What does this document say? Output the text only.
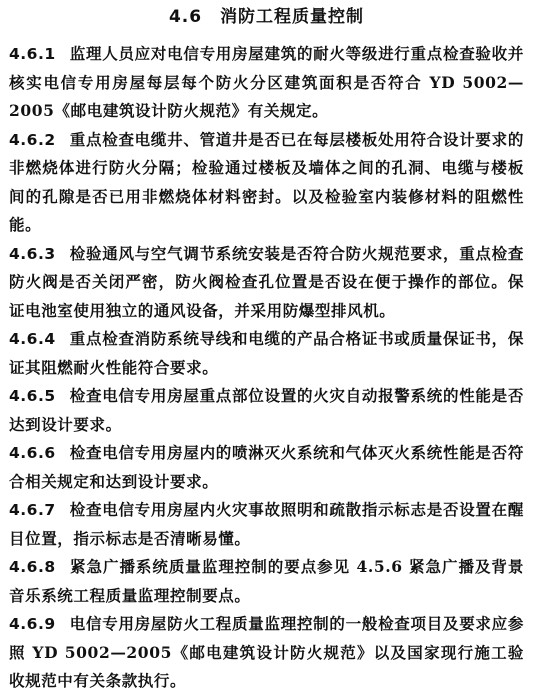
4.6 消防工程质量控制

4.6.1 监理人员应对电信专用房屋建筑的耐火等级进行重点检查验收并核实电信专用房屋每层每个防火分区建筑面积是否符合 YD 5002—2005《邮电建筑设计防火规范》有关规定。

4.6.2 重点检查电缆井、管道井是否已在每层楼板处用符合设计要求的非燃烧体进行防火分隔；检验通过楼板及墙体之间的孔洞、电缆与楼板间的孔隙是否已用非燃烧体材料密封。以及检验室内装修材料的阻燃性能。

4.6.3 检验通风与空气调节系统安装是否符合防火规范要求，重点检查防火阀是否关闭严密，防火阀检查孔位置是否设在便于操作的部位。保证电池室使用独立的通风设备，并采用防爆型排风机。

4.6.4 重点检查消防系统导线和电缆的产品合格证书或质量保证书，保证其阻燃耐火性能符合要求。

4.6.5 检查电信专用房屋重点部位设置的火灾自动报警系统的性能是否达到设计要求。

4.6.6 检查电信专用房屋内的喷淋灭火系统和气体灭火系统性能是否符合相关规定和达到设计要求。

4.6.7 检查电信专用房屋内火灾事故照明和疏散指示标志是否设置在醒目位置，指示标志是否清晰易懂。

4.6.8 紧急广播系统质量监理控制的要点参见 4.5.6 紧急广播及背景音乐系统工程质量监理控制要点。

4.6.9 电信专用房屋防火工程质量监理控制的一般检查项目及要求应参照 YD 5002—2005《邮电建筑设计防火规范》以及国家现行施工验收规范中有关条款执行。
